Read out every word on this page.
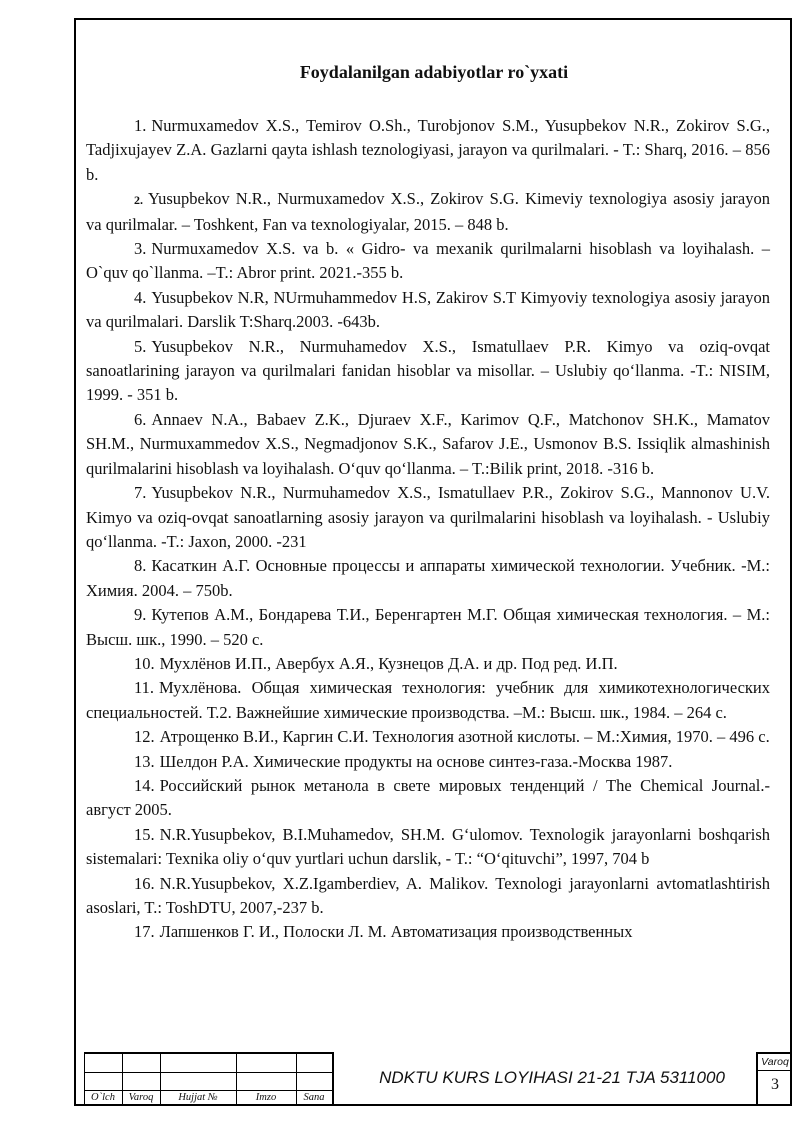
Foydalanilgan adabiyotlar ro`yxati

1. Nurmuxamedov X.S., Temirov O.Sh., Turobjonov S.M., Yusupbekov N.R., Zokirov S.G., Tadjixujayev Z.A. Gazlarni qayta ishlash teznologiyasi, jarayon va qurilmalari. - T.: Sharq, 2016. – 856 b.

2. Yusupbekov N.R., Nurmuxamedov X.S., Zokirov S.G. Kimeviy texnologiya asosiy jarayon va qurilmalar. – Toshkent, Fan va texnologiyalar, 2015. – 848 b.

3. Nurmuxamedov X.S. va b. « Gidro- va mexanik qurilmalarni hisoblash va loyihalash. – O`quv qo`llanma. –T.: Abror print. 2021.-355 b.

4. Yusupbekov N.R, NUrmuhammedov H.S, Zakirov S.T Kimyoviy texnologiya asosiy jarayon va qurilmalari. Darslik T:Sharq.2003. -643b.

5. Yusupbekov N.R., Nurmuhamedov X.S., Ismatullaev P.R. Kimyo va oziq-ovqat sanoatlarining jarayon va qurilmalari fanidan hisoblar va misollar. – Uslubiy qo‘llanma. -T.: NISIM, 1999. - 351 b.

6. Annaev N.A., Babaev Z.K., Djuraev X.F., Karimov Q.F., Matchonov SH.K., Mamatov SH.M., Nurmuxammedov X.S., Negmadjonov S.K., Safarov J.E., Usmonov B.S. Issiqlik almashinish qurilmalarini hisoblash va loyihalash. O‘quv qo‘llanma. – T.:Bilik print, 2018. -316 b.

7. Yusupbekov N.R., Nurmuhamedov X.S., Ismatullaev P.R., Zokirov S.G., Mannonov U.V. Kimyo va oziq-ovqat sanoatlarning asosiy jarayon va qurilmalarini hisoblash va loyihalash. - Uslubiy qo‘llanma. -T.: Jaxon, 2000. -231

8. Касаткин А.Г. Основные процессы и аппараты химической технологии. Учебник. -М.: Химия. 2004. – 750b.

9. Кутепов А.М., Бондарева Т.И., Беренгартен М.Г. Общая химическая технология. – М.: Высш. шк., 1990. – 520 с.

10. Мухлёнов И.П., Авербух А.Я., Кузнецов Д.А. и др. Под ред. И.П.

11. Мухлёнова. Общая химическая технология: учебник для химикотехнологических специальностей. Т.2. Важнейшие химические производства. –М.: Высш. шк., 1984. – 264 с.

12. Атрощенко В.И., Каргин С.И. Технология азотной кислоты. – М.:Химия, 1970. – 496 с.

13. Шелдон Р.А. Химические продукты на основе синтез-газа.-Москва 1987.

14. Российский рынок метанола в свете мировых тенденций / The Chemical Journal.-август 2005.

15. N.R.Yusupbekov, B.I.Muhamedov, SH.M. G‘ulomov. Texnologik jarayonlarni boshqarish sistemalari: Texnika oliy o‘quv yurtlari uchun darslik, - T.: “O‘qituvchi”, 1997, 704 b

16. N.R.Yusupbekov, X.Z.Igamberdiev, A. Malikov. Texnologi jarayonlarni avtomatlashtirish asoslari, T.: ToshDTU, 2007,-237 b.

17. Лапшенков Г. И., Полоски Л. М. Автоматизация производственных

O`lch	Varoq	Hujjat №	Imzo	Sana
NDKTU KURS LOYIHASI 21-21 TJA 5311000
Varoq
3
